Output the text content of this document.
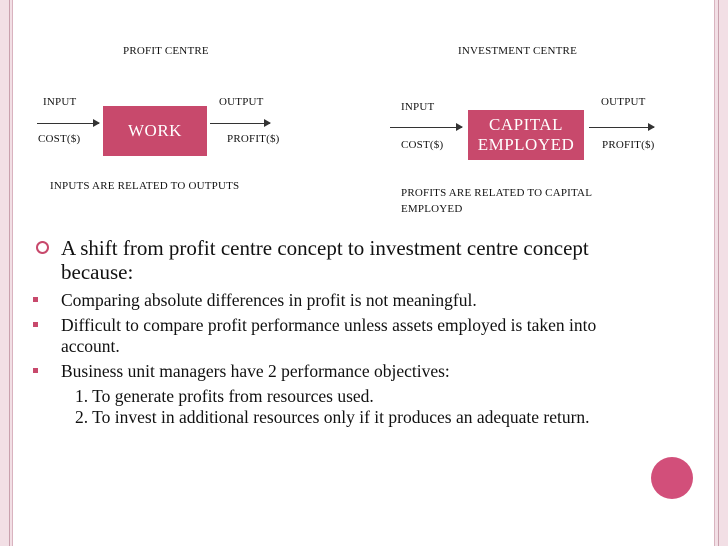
PROFIT CENTRE
INPUT
COST($)	WORK
OUTPUT
PROFIT($)
INPUTS ARE RELATED TO OUTPUTS
INVESTMENT CENTRE
INPUT
COST($)
CAPITAL
EMPLOYED
OUTPUT
PROFIT($)
PROFITS ARE RELATED TO CAPITAL
EMPLOYED
A shift from profit centre concept to investment centre concept
because:
Comparing absolute differences in profit is not meaningful.
Difficult to compare profit performance unless assets employed is taken into
account.
Business unit managers have 2 performance objectives:
1. To generate profits from resources used.
2. To invest in additional resources only if it produces an adequate return.
